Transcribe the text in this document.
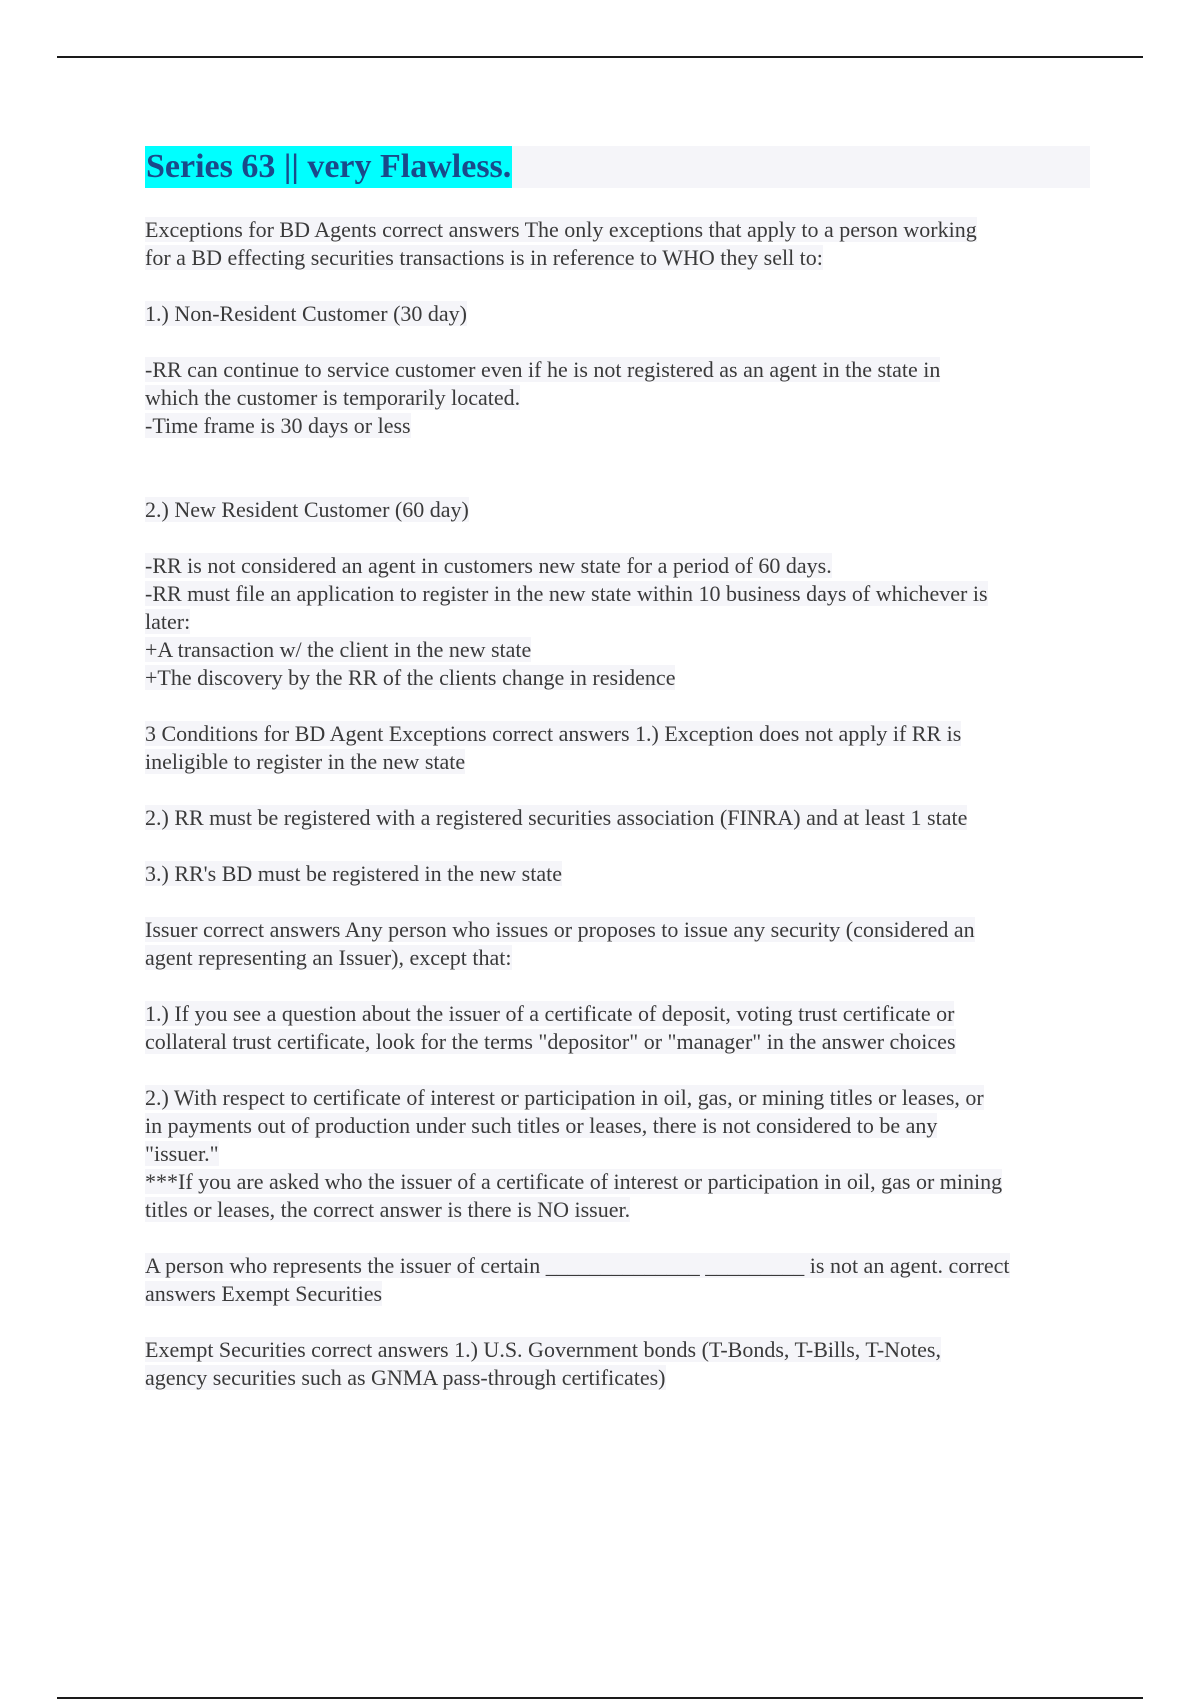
Series 63 || very Flawless.
Exceptions for BD Agents correct answers The only exceptions that apply to a person working
for a BD effecting securities transactions is in reference to WHO they sell to:
1.) Non-Resident Customer (30 day)
-RR can continue to service customer even if he is not registered as an agent in the state in
which the customer is temporarily located.
-Time frame is 30 days or less
2.) New Resident Customer (60 day)
-RR is not considered an agent in customers new state for a period of 60 days.
-RR must file an application to register in the new state within 10 business days of whichever is
later:
+A transaction w/ the client in the new state
+The discovery by the RR of the clients change in residence
3 Conditions for BD Agent Exceptions correct answers 1.) Exception does not apply if RR is
ineligible to register in the new state
2.) RR must be registered with a registered securities association (FINRA) and at least 1 state
3.) RR's BD must be registered in the new state
Issuer correct answers Any person who issues or proposes to issue any security (considered an
agent representing an Issuer), except that:
1.) If you see a question about the issuer of a certificate of deposit, voting trust certificate or
collateral trust certificate, look for the terms "depositor" or "manager" in the answer choices
2.) With respect to certificate of interest or participation in oil, gas, or mining titles or leases, or
in payments out of production under such titles or leases, there is not considered to be any
"issuer."
***If you are asked who the issuer of a certificate of interest or participation in oil, gas or mining
titles or leases, the correct answer is there is NO issuer.
A person who represents the issuer of certain ______________ _________ is not an agent. correct
answers Exempt Securities
Exempt Securities correct answers 1.) U.S. Government bonds (T-Bonds, T-Bills, T-Notes,
agency securities such as GNMA pass-through certificates)
